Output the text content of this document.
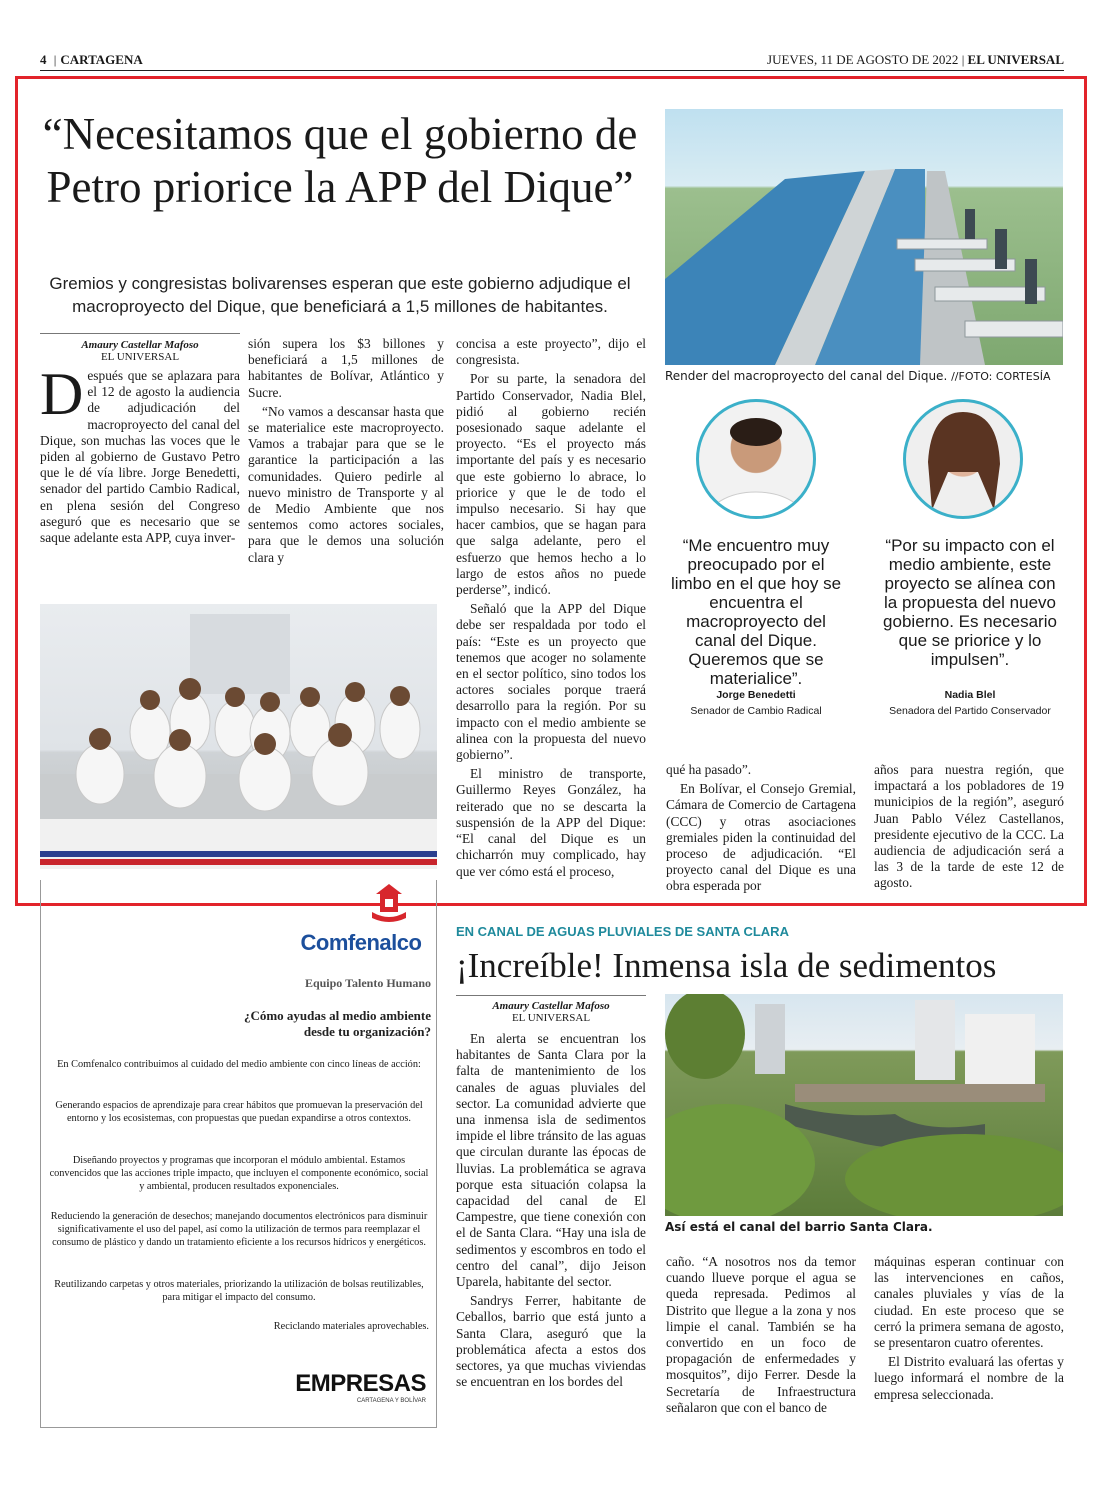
4 | CARTAGENA	JUEVES, 11 DE AGOSTO DE 2022 | EL UNIVERSAL
“Necesitamos que el gobierno de Petro priorice la APP del Dique”
Gremios y congresistas bolivarenses esperan que este gobierno adjudique el macroproyecto del Dique, que beneficiará a 1,5 millones de habitantes.
Amaury Castellar Mafoso
EL UNIVERSAL
D espués que se aplazara para el 12 de agosto la audiencia de adjudicación del macroproyecto del canal del Dique, son muchas las voces que le piden al gobierno de Gustavo Petro que le dé vía libre. Jorge Benedetti, senador del partido Cambio Radical, en plena sesión del Congreso aseguró que es necesario que se saque adelante esta APP, cuya inver-

sión supera los $3 billones y beneficiará a 1,5 millones de habitantes de Bolívar, Atlántico y Sucre.

“No vamos a descansar hasta que se materialice este macroproyecto. Vamos a trabajar para que se le garantice la participación a las comunidades. Quiero pedirle al nuevo ministro de Transporte y al de Medio Ambiente que nos sentemos como actores sociales, para que le demos una solución clara y

concisa a este proyecto”, dijo el congresista.

Por su parte, la senadora del Partido Conservador, Nadia Blel, pidió al gobierno recién posesionado saque adelante el proyecto. “Es el proyecto más importante del país y es necesario que este gobierno lo abrace, lo priorice y que le de todo el impulso necesario. Si hay que hacer cambios, que se hagan para que salga adelante, pero el esfuerzo que hemos hecho a lo largo de estos años no puede perderse”, indicó.

Señaló que la APP del Dique debe ser respaldada por todo el país: “Este es un proyecto que tenemos que acoger no solamente en el sector político, sino todos los actores sociales porque traerá desarrollo para la región. Por su impacto con el medio ambiente se alinea con la propuesta del nuevo gobierno”.

El ministro de transporte, Guillermo Reyes González, ha reiterado que no se descarta la suspensión de la APP del Dique: “El canal del Dique es un chicharrón muy complicado, hay que ver cómo está el proceso,

Render del macroproyecto del canal del Dique. //FOTO: CORTESÍA
“Me encuentro muy preocupado por el limbo en el que hoy se encuentra el macroproyecto del canal del Dique. Queremos que se materialice”.
Jorge Benedetti
Senador de Cambio Radical
“Por su impacto con el medio ambiente, este proyecto se alínea con la propuesta del nuevo gobierno. Es necesario que se priorice y lo impulsen”.
Nadia Blel
Senadora del Partido Conservador

qué ha pasado”.

En Bolívar, el Consejo Gremial, Cámara de Comercio de Cartagena (CCC) y otras asociaciones gremiales piden la continuidad del proceso de adjudicación. “El proyecto canal del Dique es una obra esperada por

años para nuestra región, que impactará a los pobladores de 19 municipios de la región”, aseguró Juan Pablo Vélez Castellanos, presidente ejecutivo de la CCC. La audiencia de adjudicación será a las 3 de la tarde de este 12 de agosto.

Comfenalco
Equipo Talento Humano
¿Cómo ayudas al medio ambiente desde tu organización?
En Comfenalco contribuimos al cuidado del medio ambiente con cinco líneas de acción:
Generando espacios de aprendizaje para crear hábitos que promuevan la preservación del entorno y los ecosistemas, con propuestas que puedan expandirse a otros contextos.
Diseñando proyectos y programas que incorporan el módulo ambiental. Estamos convencidos que las acciones triple impacto, que incluyen el componente económico, social y ambiental, producen resultados exponenciales.
Reduciendo la generación de desechos; manejando documentos electrónicos para disminuir significativamente el uso del papel, así como la utilización de termos para reemplazar el consumo de plástico y dando un tratamiento eficiente a los recursos hídricos y energéticos.
Reutilizando carpetas y otros materiales, priorizando la utilización de bolsas reutilizables, para mitigar el impacto del consumo.
Reciclando materiales aprovechables.
EMPRESAS
CARTAGENA Y BOLÍVAR
EN CANAL DE AGUAS PLUVIALES DE SANTA CLARA
¡Increíble! Inmensa isla de sedimentos
Amaury Castellar Mafoso
EL UNIVERSAL

En alerta se encuentran los habitantes de Santa Clara por la falta de mantenimiento de los canales de aguas pluviales del sector. La comunidad advierte que una inmensa isla de sedimentos impide el libre tránsito de las aguas que circulan durante las épocas de lluvias. La problemática se agrava porque esta situación colapsa la capacidad del canal de El Campestre, que tiene conexión con el de Santa Clara. “Hay una isla de sedimentos y escombros en todo el centro del canal”, dijo Jeison Uparela, habitante del sector.

Sandrys Ferrer, habitante de Ceballos, barrio que está junto a Santa Clara, aseguró que la problemática afecta a estos dos sectores, ya que muchas viviendas se encuentran en los bordes del

Así está el canal del barrio Santa Clara.

caño. “A nosotros nos da temor cuando llueve porque el agua se queda represada. Pedimos al Distrito que llegue a la zona y nos limpie el canal. También se ha convertido en un foco de propagación de enfermedades y mosquitos”, dijo Ferrer. Desde la Secretaría de Infraestructura señalaron que con el banco de

máquinas esperan continuar con las intervenciones en caños, canales pluviales y vías de la ciudad. En este proceso que se cerró la primera semana de agosto, se presentaron cuatro oferentes.

El Distrito evaluará las ofertas y luego informará el nombre de la empresa seleccionada.
